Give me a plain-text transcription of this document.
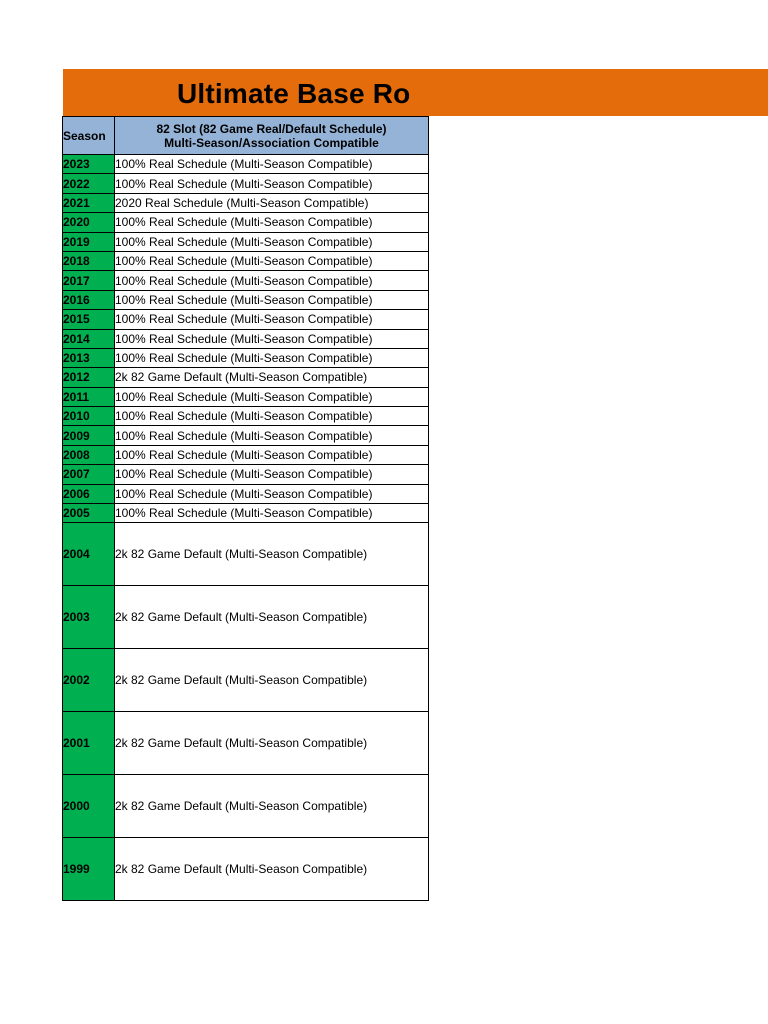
Ultimate Base Ro
Season	82 Slot (82 Game Real/Default Schedule)
Multi-Season/Association Compatible
2023	100% Real Schedule (Multi-Season Compatible)
2022	100% Real Schedule (Multi-Season Compatible)
2021	2020 Real Schedule (Multi-Season Compatible)
2020	100% Real Schedule (Multi-Season Compatible)
2019	100% Real Schedule (Multi-Season Compatible)
2018	100% Real Schedule (Multi-Season Compatible)
2017	100% Real Schedule (Multi-Season Compatible)
2016	100% Real Schedule (Multi-Season Compatible)
2015	100% Real Schedule (Multi-Season Compatible)
2014	100% Real Schedule (Multi-Season Compatible)
2013	100% Real Schedule (Multi-Season Compatible)
2012	2k 82 Game Default (Multi-Season Compatible)
2011	100% Real Schedule (Multi-Season Compatible)
2010	100% Real Schedule (Multi-Season Compatible)
2009	100% Real Schedule (Multi-Season Compatible)
2008	100% Real Schedule (Multi-Season Compatible)
2007	100% Real Schedule (Multi-Season Compatible)
2006	100% Real Schedule (Multi-Season Compatible)
2005	100% Real Schedule (Multi-Season Compatible)
2004	2k 82 Game Default (Multi-Season Compatible)
2003	2k 82 Game Default (Multi-Season Compatible)
2002	2k 82 Game Default (Multi-Season Compatible)
2001	2k 82 Game Default (Multi-Season Compatible)
2000	2k 82 Game Default (Multi-Season Compatible)
1999	2k 82 Game Default (Multi-Season Compatible)
